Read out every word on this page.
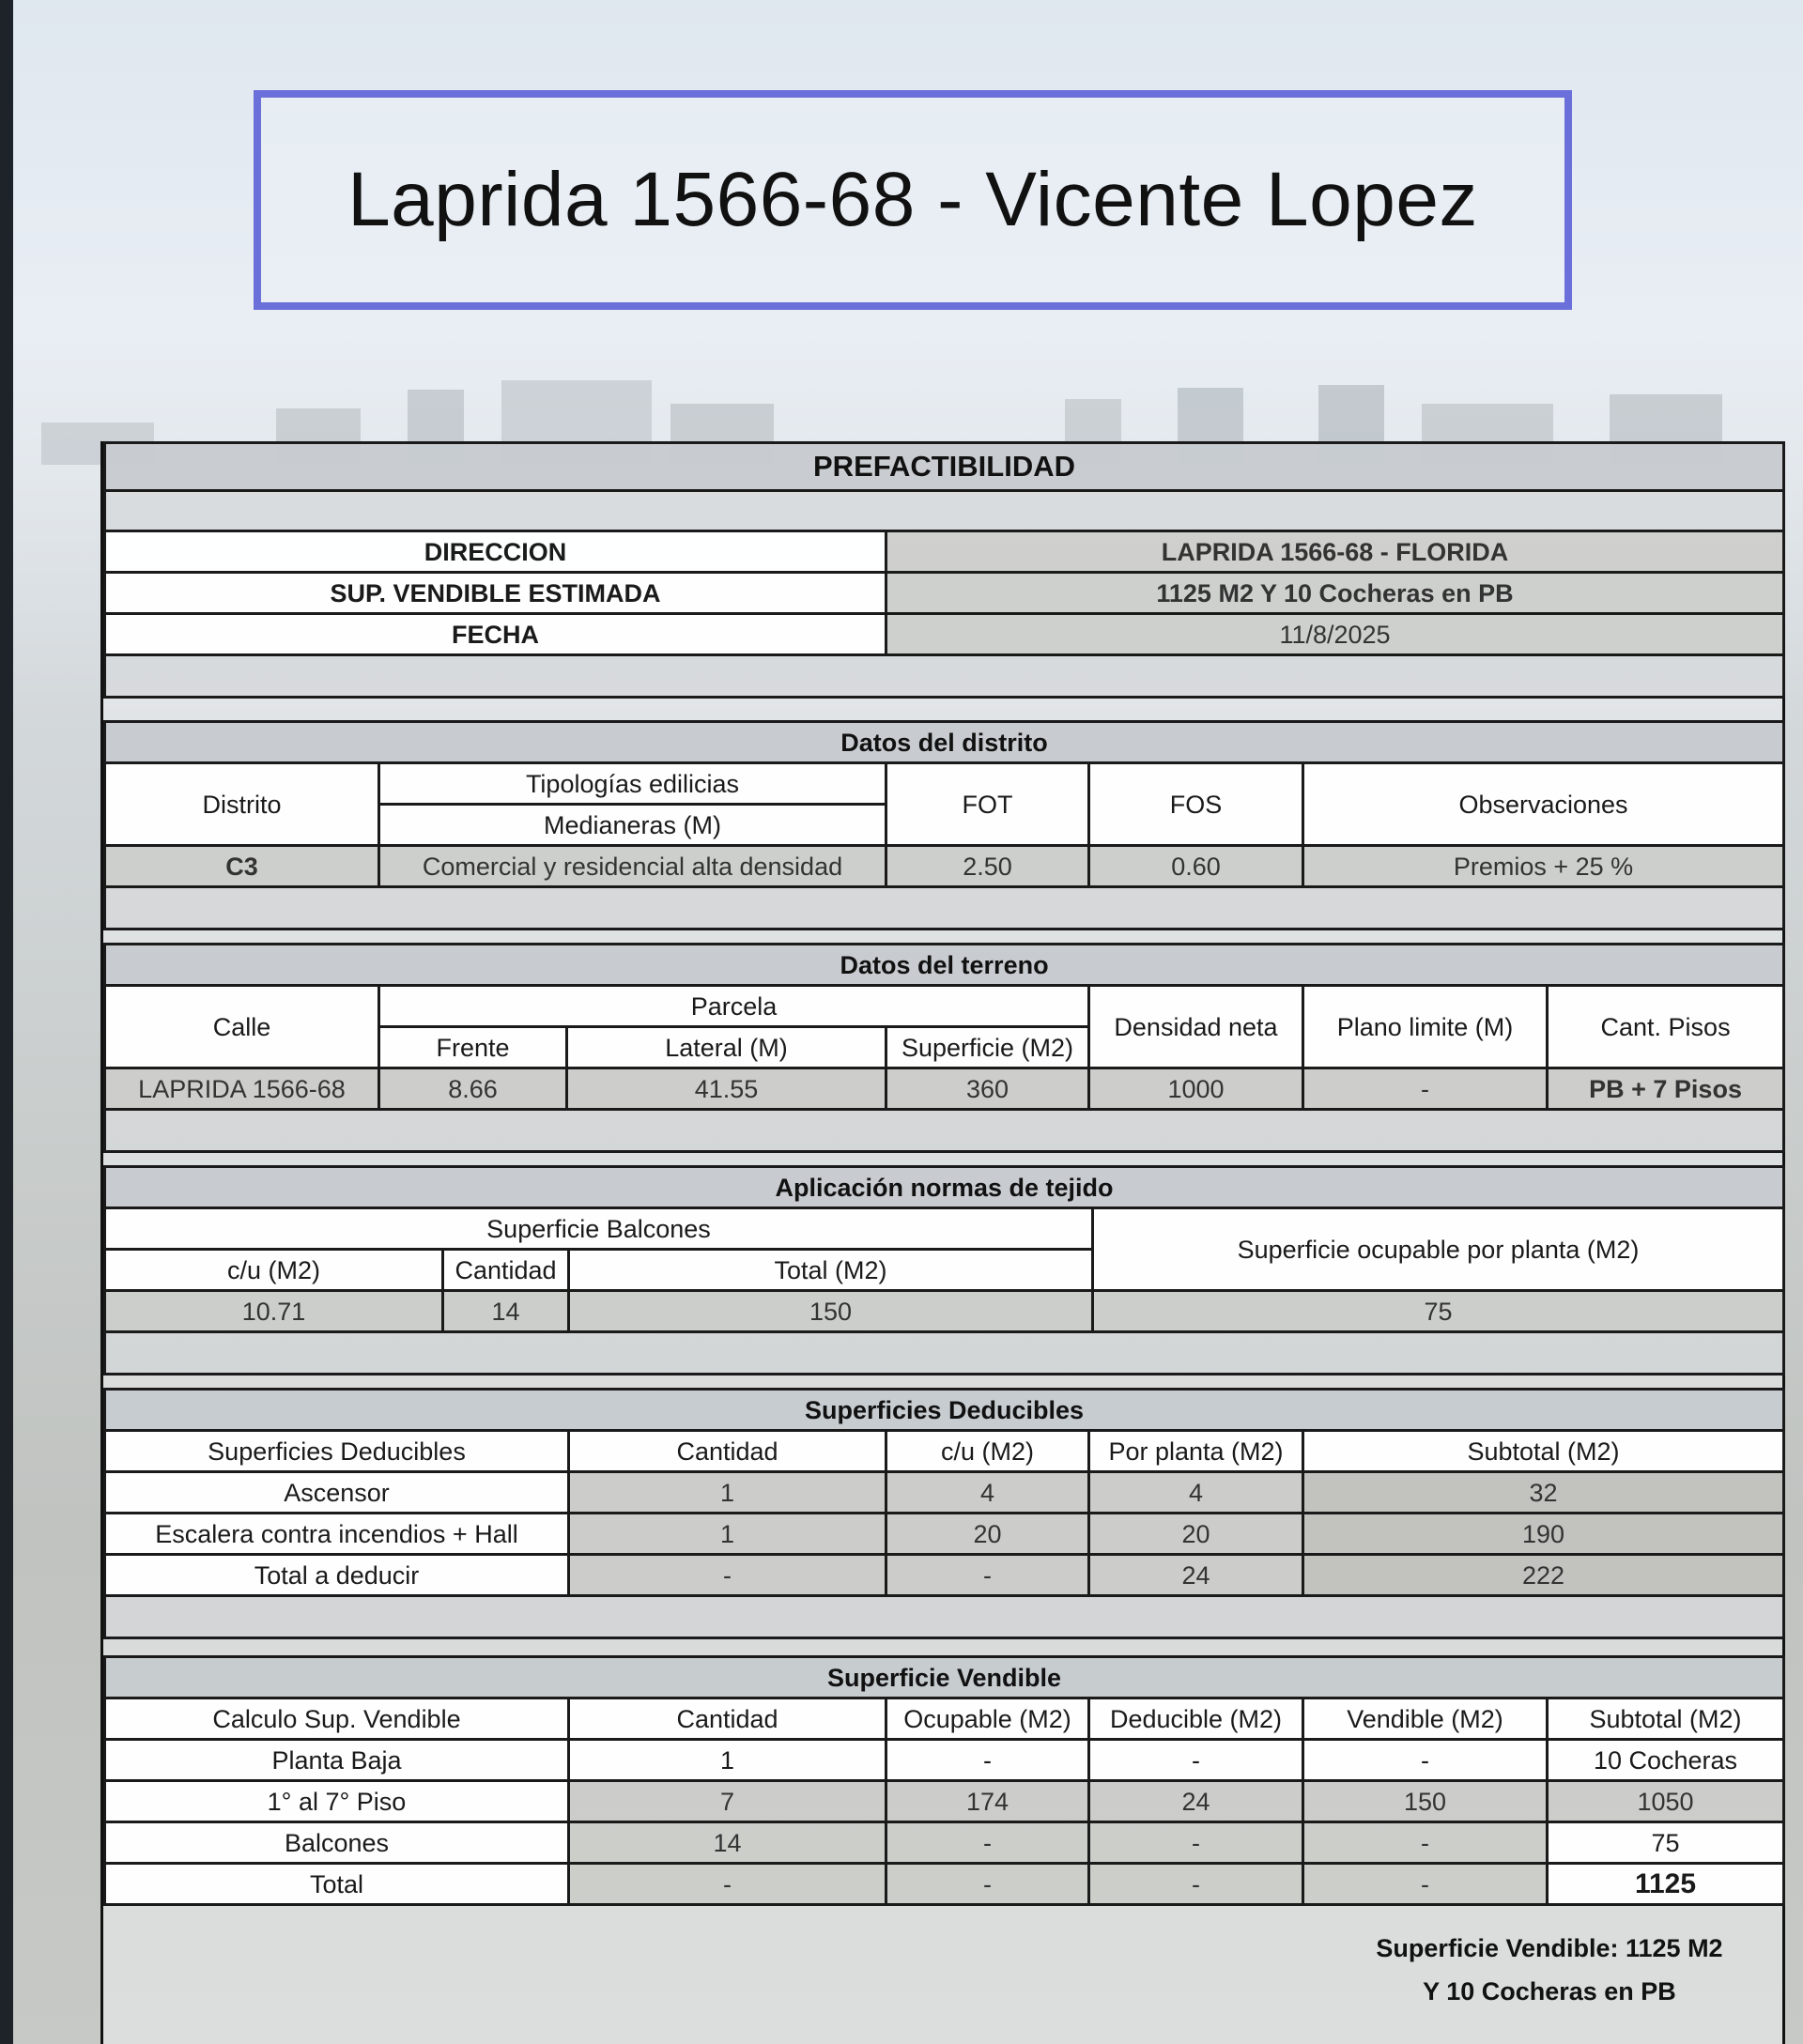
Laprida 1566-68 - Vicente Lopez
PREFACTIBILIDAD	

DIRECCION	LAPRIDA 1566-68 - FLORIDA
SUP. VENDIBLE ESTIMADA	1125 M2 Y 10 Cocheras en PB
FECHA	11/8/2025

Datos del distrito				
Distrito	Tipologías edilicias	FOT	FOS	Observaciones
	Medianeras (M)			
C3	Comercial y residencial alta densidad	2.50	0.60	Premios + 25 %

Datos del terreno						
Calle	Parcela			Densidad neta	Plano limite (M)	Cant. Pisos
	Frente	Lateral (M)	Superficie (M2)			
LAPRIDA 1566-68	8.66	41.55	360	1000	-	PB + 7 Pisos

Aplicación normas de tejido			
Superficie Balcones			Superficie ocupable por planta (M2)
c/u (M2)	Cantidad	Total (M2)	
10.71	14	150	75

Superficies Deducibles				
Superficies Deducibles	Cantidad	c/u (M2)	Por planta (M2)	Subtotal (M2)
Ascensor	1	4	4	32
Escalera contra incendios + Hall	1	20	20	190
Total a deducir	-	-	24	222

Superficie Vendible					
Calculo Sup. Vendible	Cantidad	Ocupable (M2)	Deducible (M2)	Vendible (M2)	Subtotal (M2)
Planta Baja	1	-	-	-	10 Cocheras
1° al 7° Piso	7	174	24	150	1050
Balcones	14	-	-	-	75
Total	-	-	-	-	1125
Superficie Vendible: 1125 M2
Y 10 Cocheras en PB
